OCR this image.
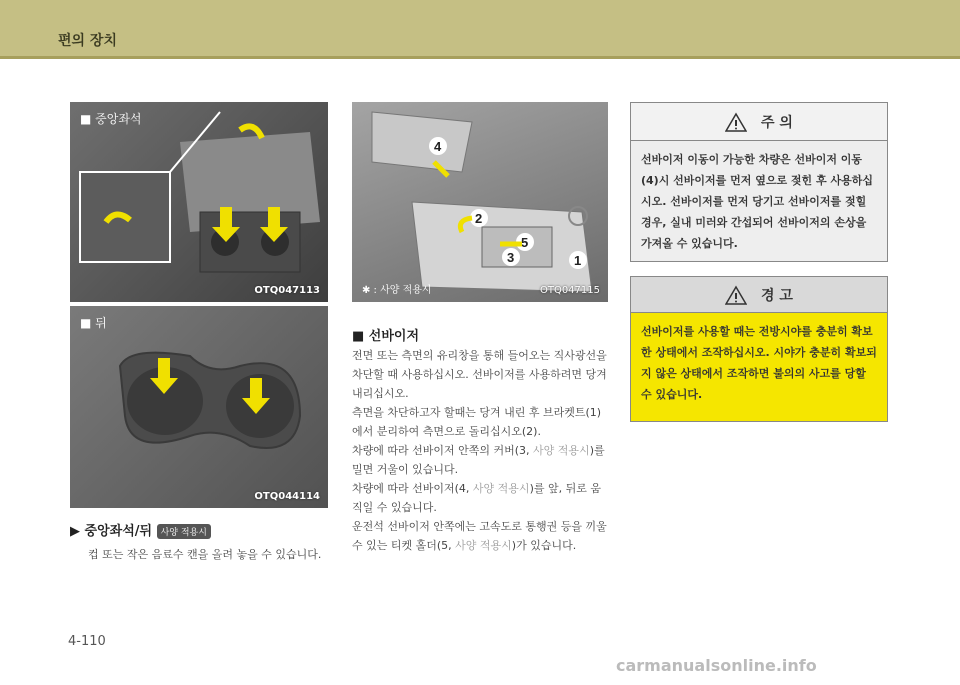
편의 장치
■ 중앙좌석
OTQ047113
■ 뒤
OTQ044114
1
2
3
4
5
✱ : 사양 적용시	OTQ047115
▶ 중앙좌석/뒤 사양 적용시
컵 또는 작은 음료수 캔을 올려 놓을 수 있습니다.
■ 선바이저
전면 또는 측면의 유리창을 통해 들어오는 직사광선을 차단할 때 사용하십시오. 선바이저를 사용하려면 당겨 내리십시오.
측면을 차단하고자 할때는 당겨 내린 후 브라켓트(1)에서 분리하여 측면으로 돌리십시오(2).
차량에 따라 선바이저 안쪽의 커버(3, 사양 적용시)를 밀면 거울이 있습니다.
차량에 따라 선바이저(4, 사양 적용시)를 앞, 뒤로 움직일 수 있습니다.
운전석 선바이저 안쪽에는 고속도로 통행권 등을 끼울수 있는 티켓 홀더(5, 사양 적용시)가 있습니다.
주 의
선바이저 이동이 가능한 차량은 선바이저 이동(4)시 선바이저를 먼저 옆으로 젖힌 후 사용하십시오. 선바이저를 먼저 당기고 선바이저를 젖힐 경우, 실내 미러와 간섭되어 선바이저의 손상을 가져올 수 있습니다.
경 고
선바이저를 사용할 때는 전방시야를 충분히 확보한 상태에서 조작하십시오. 시야가 충분히 확보되지 않은 상태에서 조작하면 불의의 사고를 당할 수 있습니다.
4-110
carmanualsonline.info
